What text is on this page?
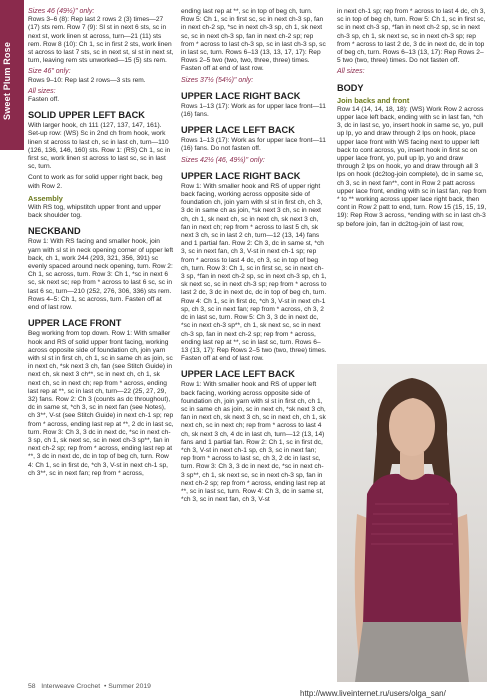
Sweet Plum Rose

Sizes 46 (49½)" only:

Rows 3–6 (8): Rep last 2 rows 2 (3) times—27 (17) sts rem. Row 7 (9): Sl st in next 6 sts, sc in next st, work linen st across, turn—21 (11) sts rem. Row 8 (10): Ch 1, sc in first 2 sts, work linen st across to last 7 sts, sc in next st, sl st in next st, turn, leaving rem sts unworked—15 (5) sts rem.

Size 46" only:

Rows 9–10: Rep last 2 rows—3 sts rem.

All sizes:

Fasten off.

SOLID UPPER LEFT BACK

With larger hook, ch 111 (127, 137, 147, 161). Set-up row: (WS) Sc in 2nd ch from hook, work linen st across to last ch, sc in last ch, turn—110 (126, 136, 146, 160) sts. Row 1: (RS) Ch 1, sc in first sc, work linen st across to last sc, sc in last sc, turn.

Cont to work as for solid upper right back, beg with Row 2.

Assembly

With RS tog, whipstitch upper front and upper back shoulder tog.

NECKBAND

Row 1: With RS facing and smaller hook, join yarn with sl st in neck opening corner of upper left back, ch 1, work 244 (293, 321, 356, 391) sc evenly spaced around neck opening, turn. Row 2: Ch 1, sc across, turn. Row 3: Ch 1, *sc in next 6 sc, sk next sc; rep from * across to last 6 sc, sc in last 6 sc, turn—210 (252, 276, 306, 336) sts rem. Rows 4–5: Ch 1, sc across, turn. Fasten off at end of last row.

UPPER LACE FRONT

Beg working from top down. Row 1: With smaller hook and RS of solid upper front facing, working across opposite side of foundation ch, join yarn with sl st in first ch, ch 1, sc in same ch as join, sc in next ch, *sk next 3 ch, fan (see Stitch Guide) in next ch, sk next 3 ch**, sc in next ch, ch 1, sk next ch, sc in next ch; rep from * across, ending last rep at **, sc in last ch, turn—22 (25, 27, 29, 32) fans. Row 2: Ch 3 (counts as dc throughout), dc in same st, *ch 3, sc in next fan (see Notes), ch 3**, V-st (see Stitch Guide) in next ch-1 sp; rep from * across, ending last rep at **, 2 dc in last sc, turn. Row 3: Ch 3, 3 dc in next dc, *sc in next ch-3 sp, ch 1, sk next sc, sc in next ch-3 sp**, fan in next ch-2 sp; rep from * across, ending last rep at **, 3 dc in next dc, dc in top of beg ch, turn. Row 4: Ch 1, sc in first dc, *ch 3, V-st in next ch-1 sp, ch 3**, sc in next fan; rep from * across,

ending last rep at **, sc in top of beg ch, turn. Row 5: Ch 1, sc in first sc, sc in next ch-3 sp, fan in next ch-2 sp, *sc in next ch-3 sp, ch 1, sk next sc, sc in next ch-3 sp, fan in next ch-2 sp; rep from * across to last ch-3 sp, sc in last ch-3 sp, sc in last sc, turn. Rows 6–13 (13, 13, 17, 17): Rep Rows 2–5 two (two, two, three, three) times. Fasten off at end of last row.

Sizes 37½ (54½)" only:

UPPER LACE RIGHT BACK

Rows 1–13 (17): Work as for upper lace front—11 (16) fans.

UPPER LACE LEFT BACK

Rows 1–13 (17): Work as for upper lace front—11 (16) fans. Do not fasten off.

Sizes 42½ (46, 49¼)" only:

UPPER LACE RIGHT BACK

Row 1: With smaller hook and RS of upper right back facing, working across opposite side of foundation ch, join yarn with sl st in first ch, ch 3, 3 dc in same ch as join, *sk next 3 ch, sc in next ch, ch 1, sk next ch, sc in next ch, sk next 3 ch, fan in next ch; rep from * across to last 5 ch, sk next 3 ch, sc in last 2 ch, turn—12 (13, 14) fans and 1 partial fan. Row 2: Ch 3, dc in same st, *ch 3, sc in next fan, ch 3, V-st in next ch-1 sp; rep from * across to last 4 dc, ch 3, sc in top of beg ch, turn. Row 3: Ch 1, sc in first sc, sc in next ch-3 sp, *fan in next ch-2 sp, sc in next ch-3 sp, ch 1, sk next sc, sc in next ch-3 sp; rep from * across to last 2 dc, 3 dc in next dc, dc in top of beg ch, turn. Row 4: Ch 1, sc in first dc, *ch 3, V-st in next ch-1 sp, ch 3, sc in next fan; rep from * across, ch 3, 2 dc in last sc, turn. Row 5: Ch 3, 3 dc in next dc, *sc in next ch-3 sp**, ch 1, sk next sc, sc in next ch-3 sp, fan in next ch-2 sp; rep from * across, ending last rep at **, sc in last sc, turn. Rows 6–13 (13, 17): Rep Rows 2–5 two (two, three) times. Fasten off at end of last row.

UPPER LACE LEFT BACK

Row 1: With smaller hook and RS of upper left back facing, working across opposite side of foundation ch, join yarn with sl st in first ch, ch 1, sc in same ch as join, sc in next ch, *sk next 3 ch, fan in next ch, sk next 3 ch, sc in next ch, ch 1, sk next ch, sc in next ch; rep from * across to last 4 ch, sk next 3 ch, 4 dc in last ch, turn—12 (13, 14) fans and 1 partial fan. Row 2: Ch 1, sc in first dc, *ch 3, V-st in next ch-1 sp, ch 3, sc in next fan; rep from * across to last sc, ch 3, 2 dc in last sc, turn. Row 3: Ch 3, 3 dc in next dc, *sc in next ch-3 sp**, ch 1, sk next sc, sc in next ch-3 sp, fan in next ch-2 sp; rep from * across, ending last rep at **, sc in last sc, turn. Row 4: Ch 3, dc in same st, *ch 3, sc in next fan, ch 3, V-st

in next ch-1 sp; rep from * across to last 4 dc, ch 3, sc in top of beg ch, turn. Row 5: Ch 1, sc in first sc, sc in next ch-3 sp, *fan in next ch-2 sp, sc in next ch-3 sp, ch 1, sk next sc, sc in next ch-3 sp; rep from * across to last 2 dc, 3 dc in next dc, dc in top of beg ch, turn. Rows 6–13 (13, 17): Rep Rows 2–5 two (two, three) times. Do not fasten off.

All sizes:

BODY
Join backs and front

Row 14 (14, 14, 18, 18): (WS) Work Row 2 across upper lace left back, ending with sc in last fan, *ch 3, dc in last sc, yo, insert hook in same sc, yo, pull up lp, yo and draw through 2 lps on hook, place upper lace front with WS facing next to upper left back to cont across, yo, insert hook in first sc on upper lace front, yo, pull up lp, yo and draw through 2 lps on hook, yo and draw through all 3 lps on hook (dc2tog-join complete), dc in same sc, ch 3, sc in next fan**, cont in Row 2 patt across upper lace front, ending with sc in last fan, rep from * to ** working across upper lace right back, then cont in Row 2 patt to end, turn. Row 15 (15, 15, 19, 19): Rep Row 3 across, *ending with sc in last ch-3 sp before join, fan in dc2tog-join of last row,

58 Interweave Crochet  • Summer 2019
http://www.liveinternet.ru/users/olga_san/
